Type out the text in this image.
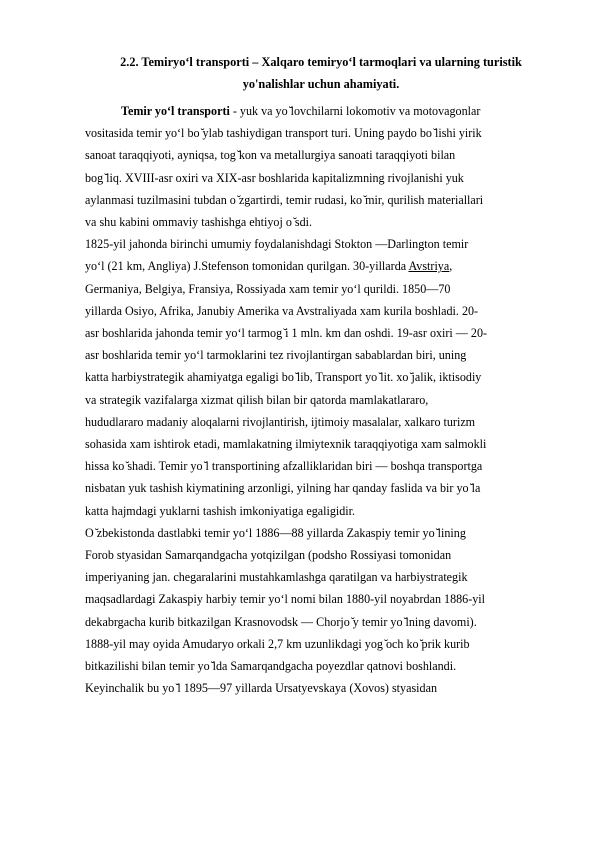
2.2. Temiryo‘l transporti – Xalqaro temiryo‘l tarmoqlari va ularning turistik

yo'nalishlar uchun ahamiyati.

Temir yo‘l transporti - yuk va yo ̆lovchilarni lokomotiv va motovagonlar
vositasida temir yo‘l bo ̆ylab tashiydigan transport turi. Uning paydo bo ̆lishi yirik
sanoat taraqqiyoti, ayniqsa, tog ̆kon va metallurgiya sanoati taraqqiyoti bilan
bog ̆liq. XVIII-asr oxiri va XIX-asr boshlarida kapitalizmning rivojlanishi yuk
aylanmasi tuzilmasini tubdan o ̆zgartirdi, temir rudasi, ko ̆mir, qurilish materiallari
va shu kabini ommaviy tashishga ehtiyoj o ̆sdi.
1825-yil jahonda birinchi umumiy foydalanishdagi Stokton —Darlington temir
yo‘l (21 km, Angliya) J.Stefenson tomonidan qurilgan. 30-yillarda Avstriya,
Germaniya, Belgiya, Fransiya, Rossiyada xam temir yo‘l qurildi. 1850—70
yillarda Osiyo, Afrika, Janubiy Amerika va Avstraliyada xam kurila boshladi. 20-
asr boshlarida jahonda temir yo‘l tarmog ̆i 1 mln. km dan oshdi. 19-asr oxiri — 20-
asr boshlarida temir yo‘l tarmoklarini tez rivojlantirgan sabablardan biri, uning
katta harbiystrategik ahamiyatga egaligi bo ̆lib, Transport yo ̆lit. xo ̆jalik, iktisodiy
va strategik vazifalarga xizmat qilish bilan bir qatorda mamlakatlararo,
hududlararo madaniy aloqalarni rivojlantirish, ijtimoiy masalalar, xalkaro turizm
sohasida xam ishtirok etadi, mamlakatning ilmiytexnik taraqqiyotiga xam salmokli
hissa ko ̆shadi. Temir yo ̆l transportining afzalliklaridan biri — boshqa transportga
nisbatan yuk tashish kiymatining arzonligi, yilning har qanday faslida va bir yo ̆la
katta hajmdagi yuklarni tashish imkoniyatiga egaligidir.
O ̆zbekistonda dastlabki temir yo‘l 1886—88 yillarda Zakaspiy temir yo ̆lining
Forob styasidan Samarqandgacha yotqizilgan (podsho Rossiyasi tomonidan
imperiyaning jan. chegaralarini mustahkamlashga qaratilgan va harbiystrategik
maqsadlardagi Zakaspiy harbiy temir yo‘l nomi bilan 1880-yil noyabrdan 1886-yil
dekabrgacha kurib bitkazilgan Krasnovodsk — Chorjo ̆y temir yo ̆lning davomi).
1888-yil may oyida Amudaryo orkali 2,7 km uzunlikdagi yog ̆och ko ̆prik kurib
bitkazilishi bilan temir yo ̆lda Samarqandgacha poyezdlar qatnovi boshlandi.
Keyinchalik bu yo ̆l 1895—97 yillarda Ursatyevskaya (Xovos) styasidan
